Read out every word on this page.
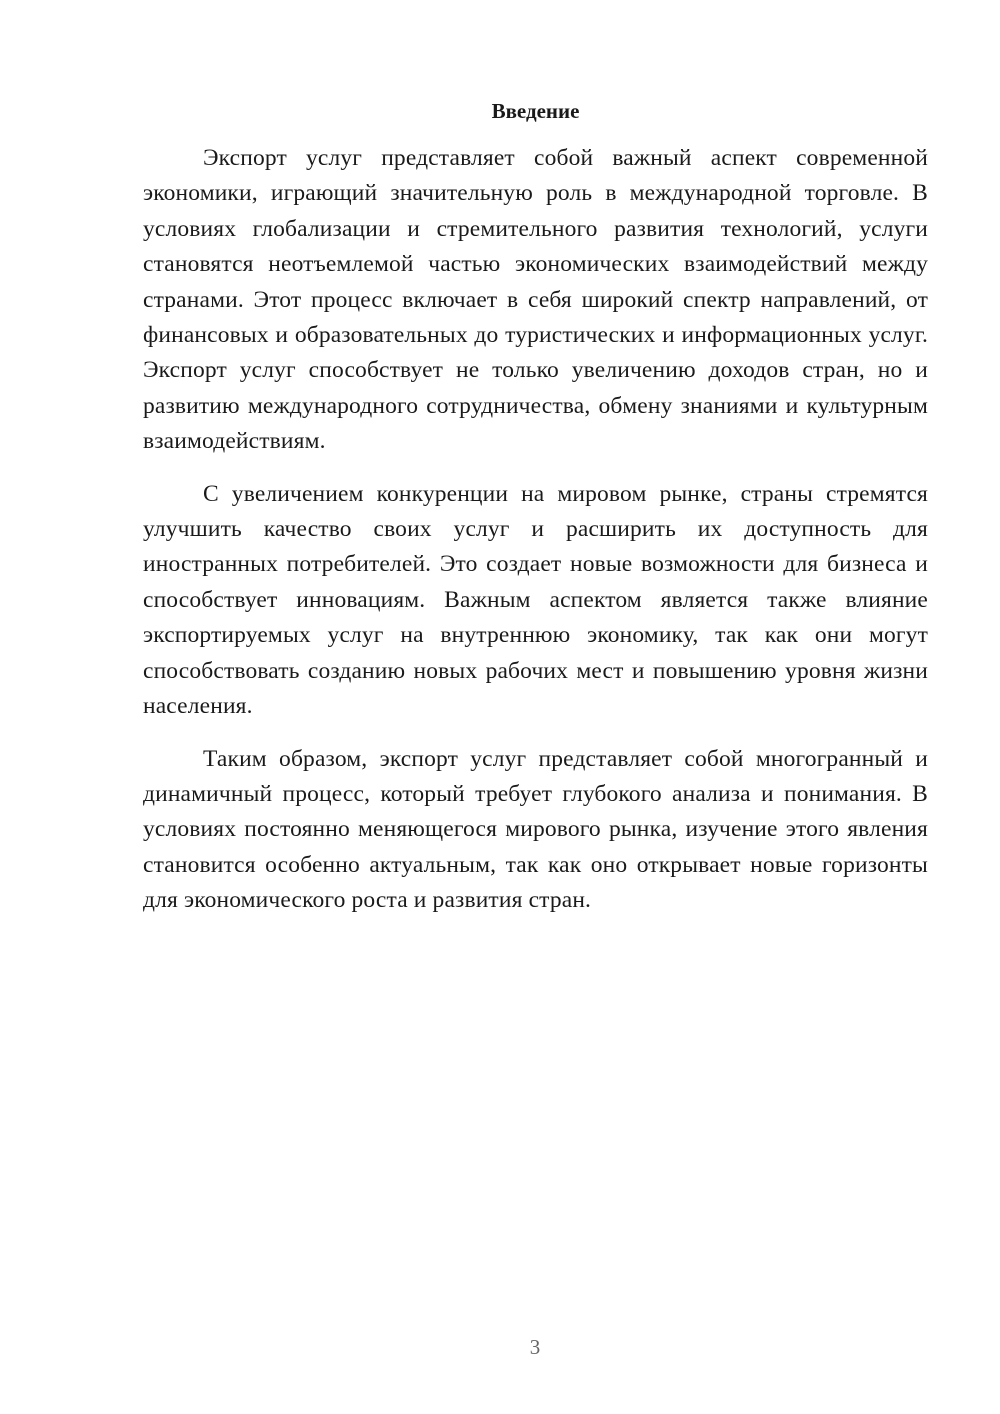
Введение

Экспорт услуг представляет собой важный аспект современной экономики, играющий значительную роль в международной торговле. В условиях глобализации и стремительного развития технологий, услуги становятся неотъемлемой частью экономических взаимодействий между странами. Этот процесс включает в себя широкий спектр направлений, от финансовых и образовательных до туристических и информационных услуг. Экспорт услуг способствует не только увеличению доходов стран, но и развитию международного сотрудничества, обмену знаниями и культурным взаимодействиям.

С увеличением конкуренции на мировом рынке, страны стремятся улучшить качество своих услуг и расширить их доступность для иностранных потребителей. Это создает новые возможности для бизнеса и способствует инновациям. Важным аспектом является также влияние экспортируемых услуг на внутреннюю экономику, так как они могут способствовать созданию новых рабочих мест и повышению уровня жизни населения.

Таким образом, экспорт услуг представляет собой многогранный и динамичный процесс, который требует глубокого анализа и понимания. В условиях постоянно меняющегося мирового рынка, изучение этого явления становится особенно актуальным, так как оно открывает новые горизонты для экономического роста и развития стран.

3
